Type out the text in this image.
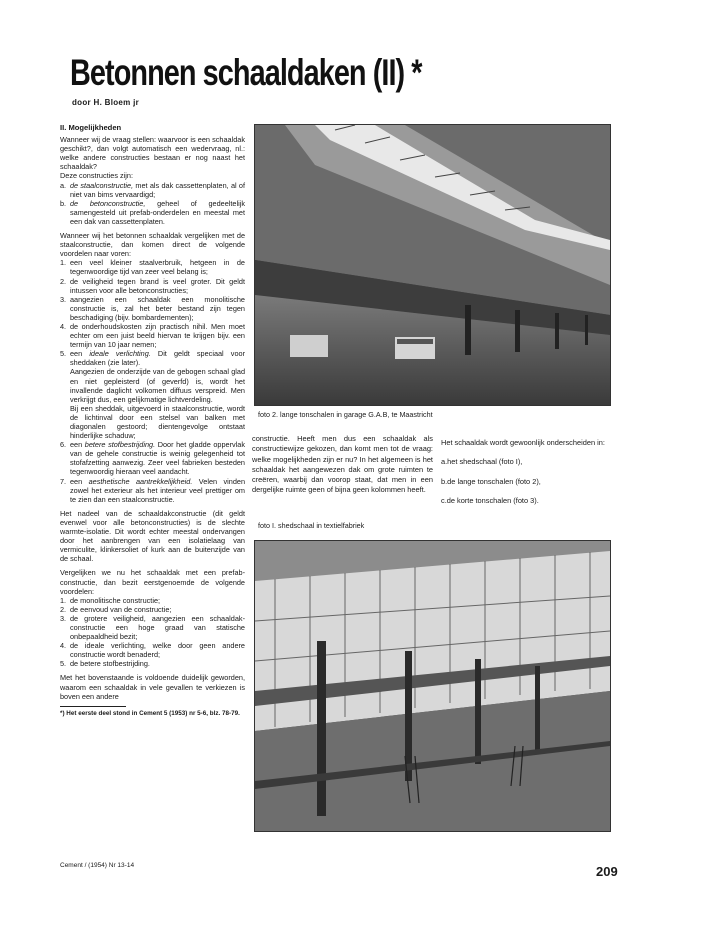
Betonnen schaaldaken (II) *
door H. Bloem jr

II. Mogelijkheden

Wanneer wij de vraag stellen: waarvoor is een schaaldak geschikt?, dan volgt automatisch een wedervraag, nl.: welke andere constructies bestaan er nog naast het schaaldak?

Deze constructies zijn:

a. de staalconstructie, met als dak cassettenplaten, al of niet van bims vervaardigd;
b. de betonconstructie, geheel of gedeeltelijk samengesteld uit prefab-onderdelen en meestal met een dak van cassettenplaten.

Wanneer wij het betonnen schaaldak vergelijken met de staalconstructie, dan komen direct de volgende voordelen naar voren:

1. een veel kleiner staalverbruik, hetgeen in de tegenwoordige tijd van zeer veel belang is;
2. de veiligheid tegen brand is veel groter. Dit geldt intussen voor alle betonconstructies;
3. aangezien een schaaldak een monolitische constructie is, zal het beter bestand zijn tegen beschadiging (bijv. bombardementen);
4. de onderhoudskosten zijn practisch nihil. Men moet echter om een juist beeld hiervan te krijgen bijv. een termijn van 10 jaar nemen;
5. een ideale verlichting. Dit geldt speciaal voor sheddaken (zie later).
Aangezien de onderzijde van de gebogen schaal glad en niet gepleisterd (of geverfd) is, wordt het invallende daglicht volkomen diffuus verspreid. Men verkrijgt dus, een gelijkmatige lichtverdeling.
Bij een sheddak, uitgevoerd in staalconstructie, wordt de lichtinval door een stelsel van balken met diagonalen gestoord; dientengevolge ontstaat hinderlijke schaduw;
6. een betere stofbestrijding. Door het gladde oppervlak van de gehele constructie is weinig gelegenheid tot stofafzetting aanwezig. Zeer veel fabrieken besteden tegenwoordig hieraan veel aandacht.
7. een aesthetische aantrekkelijkheid. Velen vinden zowel het exterieur als het interieur veel prettiger om te zien dan een staalconstructie.

Het nadeel van de schaaldakconstructie (dit geldt evenwel voor alle betonconstructies) is de slechte warmte-isolatie. Dit wordt echter meestal ondervangen door het aanbrengen van een isolatielaag van vermiculite, klinkersoliet of kurk aan de buitenzijde van de schaal.

Vergelijken we nu het schaaldak met een prefab-constructie, dan bezit eerstgenoemde de volgende voordelen:

1. de monolitische constructie;
2. de eenvoud van de constructie;
3. de grotere veiligheid, aangezien een schaaldak-constructie een hoge graad van statische onbepaaldheid bezit;
4. de ideale verlichting, welke door geen andere constructie wordt benaderd;
5. de betere stofbestrijding.

Met het bovenstaande is voldoende duidelijk geworden, waarom een schaaldak in vele gevallen te verkiezen is boven een andere

*) Het eerste deel stond in Cement 5 (1953) nr 5-6, blz. 78-79.
foto 2. lange tonschalen in garage G.A.B, te Maastricht

constructie. Heeft men dus een schaaldak als constructiewijze gekozen, dan komt men tot de vraag: welke mogelijkheden zijn er nu? In het algemeen is het schaaldak het aangewezen dak om grote ruimten te creëren, waarbij dan voorop staat, dat men in een dergelijke ruimte geen of bijna geen kolommen heeft.

Het schaaldak wordt gewoonlijk onderscheiden in:

a.het shedschaal (foto I),

b.de lange tonschalen (foto 2),

c.de korte tonschalen (foto 3).

foto I. shedschaal in textielfabriek
Cement / (1954) Nr 13-14	209
